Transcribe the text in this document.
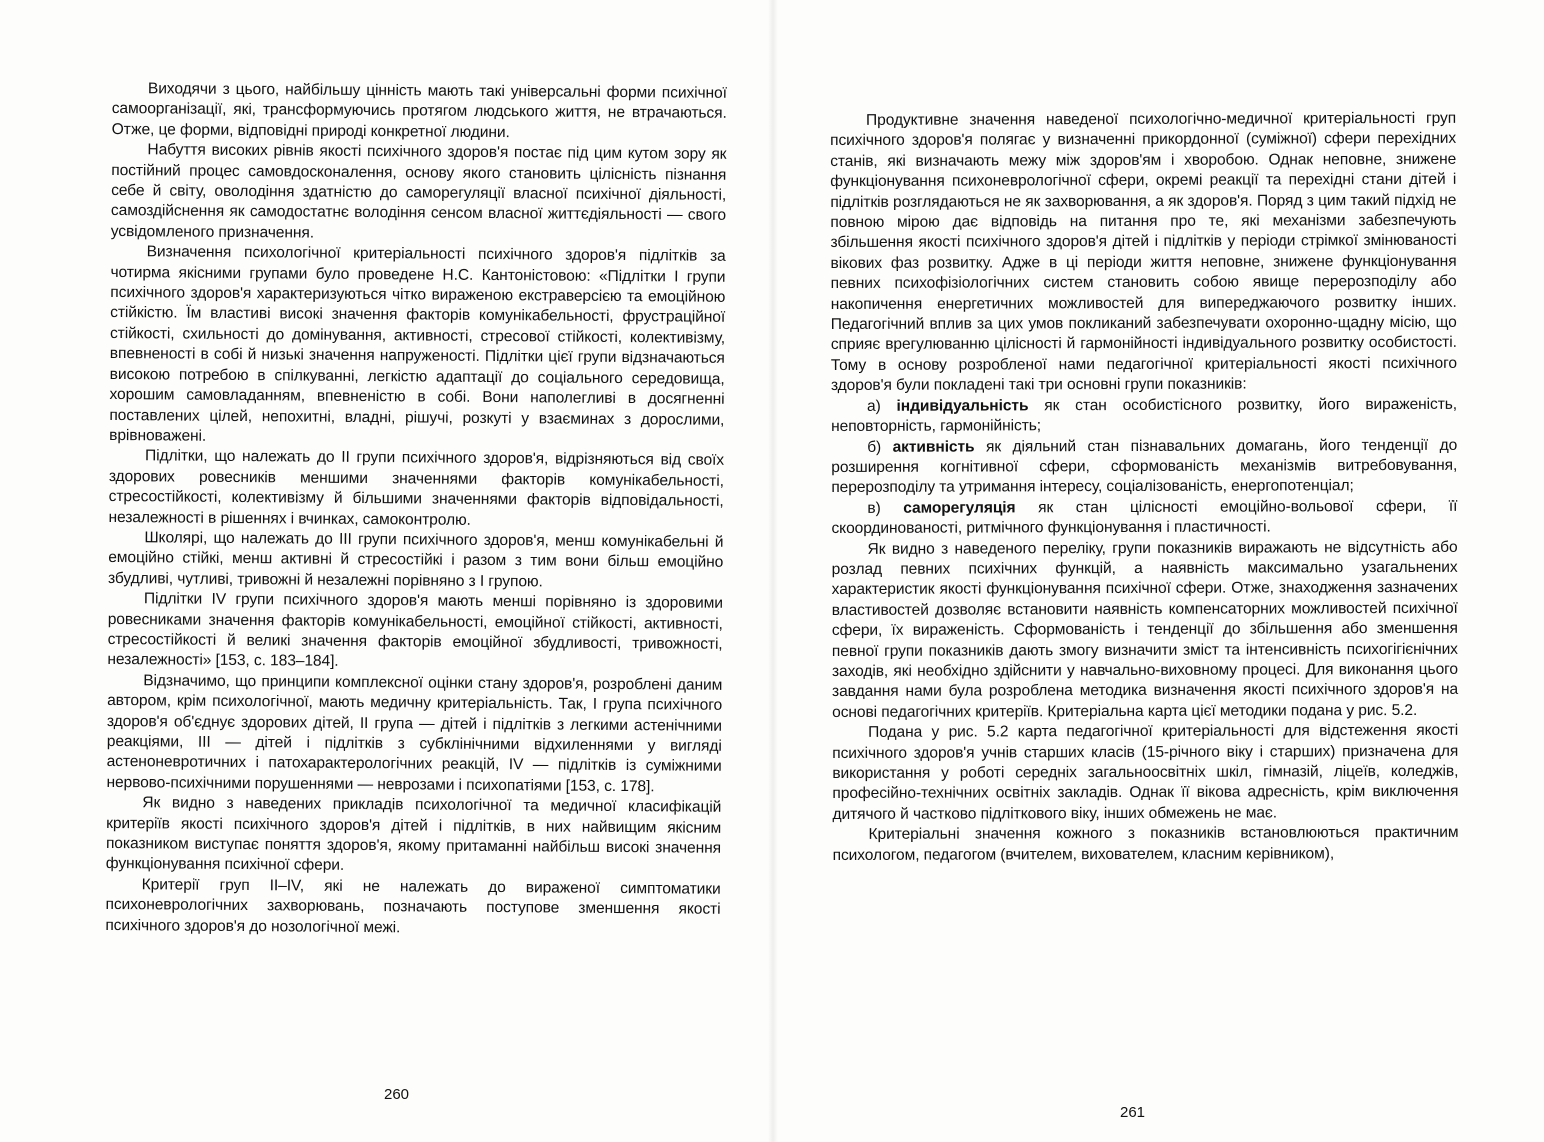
Виходячи з цього, найбільшу цінність мають такі універсальні форми психічної самоорганізації, які, трансформуючись протягом людського життя, не втрачаються. Отже, це форми, відповідні природі конкретної людини.

Набуття високих рівнів якості психічного здоров'я постає під цим кутом зору як постійний процес самовдосконалення, основу якого становить цілісність пізнання себе й світу, оволодіння здатністю до саморегуляції власної психічної діяльності, самоздійснення як самодостатнє володіння сенсом власної життєдіяльності — свого усвідомленого призначення.

Визначення психологічної критеріальності психічного здоров'я підлітків за чотирма якісними групами було проведене Н.С. Кантоністовою: «Підлітки І групи психічного здоров'я характеризуються чітко вираженою екстраверсією та емоційною стійкістю. Їм властиві високі значення факторів комунікабельності, фрустраційної стійкості, схильності до домінування, активності, стресової стійкості, колективізму, впевненості в собі й низькі значення напруженості. Підлітки цієї групи відзначаються високою потребою в спілкуванні, легкістю адаптації до соціального середовища, хорошим самовладанням, впевненістю в собі. Вони наполегливі в досягненні поставлених цілей, непохитні, владні, рішучі, розкуті у взаєминах з дорослими, врівноважені.

Підлітки, що належать до II групи психічного здоров'я, відрізняються від своїх здорових ровесників меншими значеннями факторів комунікабельності, стресостійкості, колективізму й більшими значеннями факторів відповідальності, незалежності в рішеннях і вчинках, самоконтролю.

Школярі, що належать до III групи психічного здоров'я, менш комунікабельні й емоційно стійкі, менш активні й стресостійкі і разом з тим вони більш емоційно збудливі, чутливі, тривожні й незалежні порівняно з І групою.

Підлітки IV групи психічного здоров'я мають менші порівняно із здоровими ровесниками значення факторів комунікабельності, емоційної стійкості, активності, стресостійкості й великі значення факторів емоційної збудливості, тривожності, незалежності» [153, с. 183–184].

Відзначимо, що принципи комплексної оцінки стану здоров'я, розроблені даним автором, крім психологічної, мають медичну критеріальність. Так, І група психічного здоров'я об'єднує здорових дітей, II група — дітей і підлітків з легкими астенічними реакціями, III — дітей і підлітків з субклінічними відхиленнями у вигляді астеноневротичних і патохарактерологічних реакцій, IV — підлітків із суміжними нервово-психічними порушеннями — неврозами і психопатіями [153, с. 178].

Як видно з наведених прикладів психологічної та медичної класифікацій критеріїв якості психічного здоров'я дітей і підлітків, в них найвищим якісним показником виступає поняття здоров'я, якому притаманні найбільш високі значення функціонування психічної сфери.

Критерії груп II–IV, які не належать до вираженої симптоматики психоневрологічних захворювань, позначають поступове зменшення якості психічного здоров'я до нозологічної межі.

260

Продуктивне значення наведеної психологічно-медичної критеріальності груп психічного здоров'я полягає у визначенні прикордонної (суміжної) сфери перехідних станів, які визначають межу між здоров'ям і хворобою. Однак неповне, знижене функціонування психоневрологічної сфери, окремі реакції та перехідні стани дітей і підлітків розглядаються не як захворювання, а як здоров'я. Поряд з цим такий підхід не повною мірою дає відповідь на питання про те, які механізми забезпечують збільшення якості психічного здоров'я дітей і підлітків у періоди стрімкої змінюваності вікових фаз розвитку. Адже в ці періоди життя неповне, знижене функціонування певних психофізіологічних систем становить собою явище перерозподілу або накопичення енергетичних можливостей для випереджаючого розвитку інших. Педагогічний вплив за цих умов покликаний забезпечувати охоронно-щадну місію, що сприяє врегулюванню цілісності й гармонійності індивідуального розвитку особистості. Тому в основу розробленої нами педагогічної критеріальності якості психічного здоров'я були покладені такі три основні групи показників:

а) індивідуальність як стан особистісного розвитку, його вираженість, неповторність, гармонійність;

б) активність як діяльний стан пізнавальних домагань, його тенденції до розширення когнітивної сфери, сформованість механізмів витребовування, перерозподілу та утримання інтересу, соціалізованість, енергопотенціал;

в) саморегуляція як стан цілісності емоційно-вольової сфери, її скоординованості, ритмічного функціонування і пластичності.

Як видно з наведеного переліку, групи показників виражають не відсутність або розлад певних психічних функцій, а наявність максимально узагальнених характеристик якості функціонування психічної сфери. Отже, знаходження зазначених властивостей дозволяє встановити наявність компенсаторних можливостей психічної сфери, їх вираженість. Сформованість і тенденції до збільшення або зменшення певної групи показників дають змогу визначити зміст та інтенсивність психогігієнічних заходів, які необхідно здійснити у навчально-виховному процесі. Для виконання цього завдання нами була розроблена методика визначення якості психічного здоров'я на основі педагогічних критеріїв. Критеріальна карта цієї методики подана у рис. 5.2.

Подана у рис. 5.2 карта педагогічної критеріальності для відстеження якості психічного здоров'я учнів старших класів (15-річного віку і старших) призначена для використання у роботі середніх загальноосвітніх шкіл, гімназій, ліцеїв, коледжів, професійно-технічних освітніх закладів. Однак її вікова адресність, крім виключення дитячого й частково підліткового віку, інших обмежень не має.

Критеріальні значення кожного з показників встановлюються практичним психологом, педагогом (вчителем, вихователем, класним керівником),

261
